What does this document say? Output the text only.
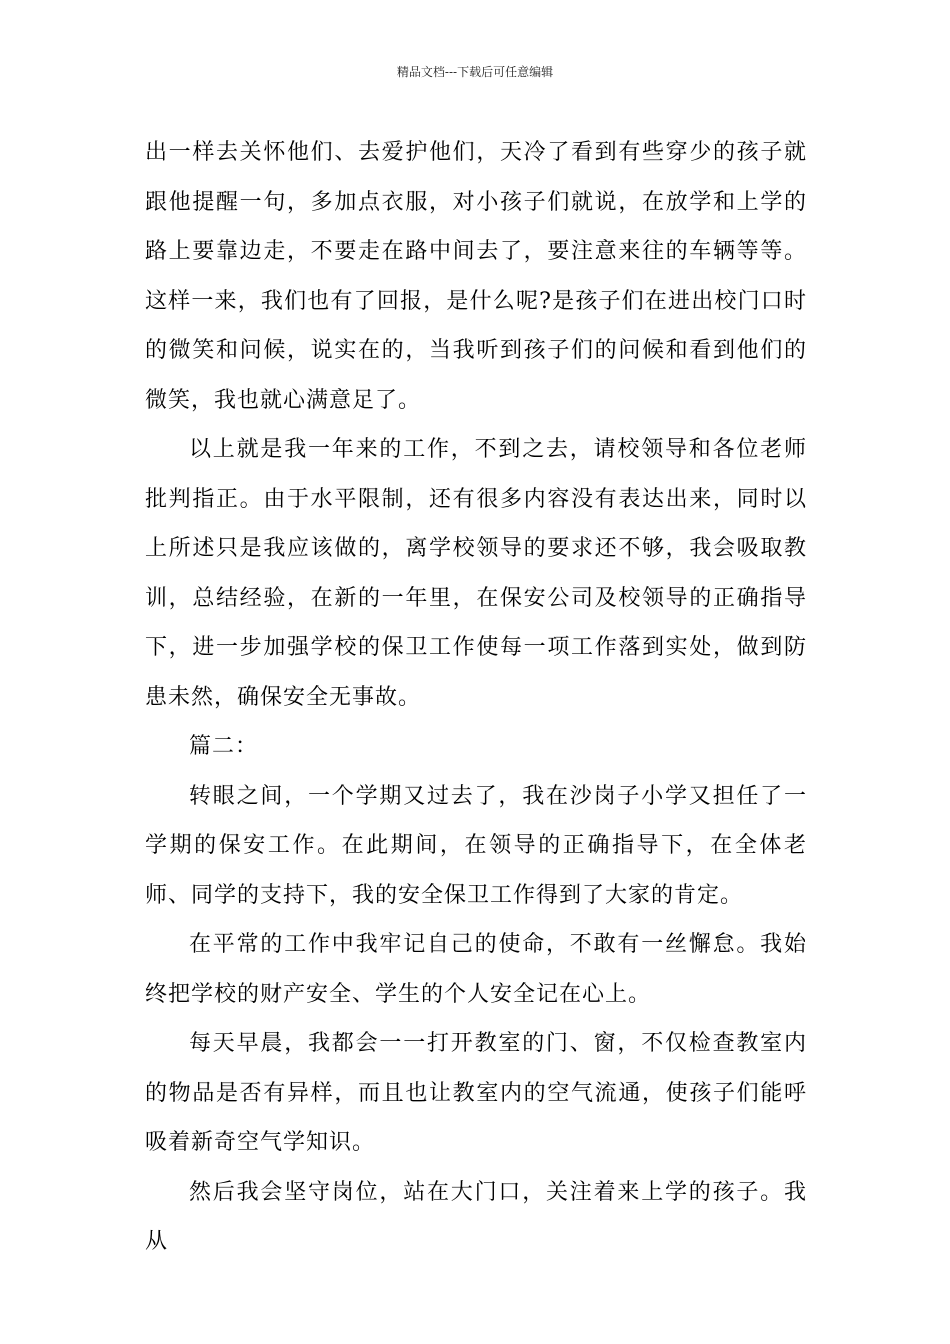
精品文档---下载后可任意编辑

出一样去关怀他们、去爱护他们，天冷了看到有些穿少的孩子就跟他提醒一句，多加点衣服，对小孩子们就说，在放学和上学的路上要靠边走，不要走在路中间去了，要注意来往的车辆等等。这样一来，我们也有了回报，是什么呢?是孩子们在进出校门口时的微笑和问候，说实在的，当我听到孩子们的问候和看到他们的微笑，我也就心满意足了。

以上就是我一年来的工作，不到之去，请校领导和各位老师批判指正。由于水平限制，还有很多内容没有表达出来，同时以上所述只是我应该做的，离学校领导的要求还不够，我会吸取教训，总结经验，在新的一年里，在保安公司及校领导的正确指导下，进一步加强学校的保卫工作使每一项工作落到实处，做到防患未然，确保安全无事故。

篇二：

转眼之间，一个学期又过去了，我在沙岗子小学又担任了一学期的保安工作。在此期间，在领导的正确指导下，在全体老师、同学的支持下，我的安全保卫工作得到了大家的肯定。

在平常的工作中我牢记自己的使命，不敢有一丝懈怠。我始终把学校的财产安全、学生的个人安全记在心上。

每天早晨，我都会一一打开教室的门、窗，不仅检查教室内的物品是否有异样，而且也让教室内的空气流通，使孩子们能呼吸着新奇空气学知识。

然后我会坚守岗位，站在大门口，关注着来上学的孩子。我从
